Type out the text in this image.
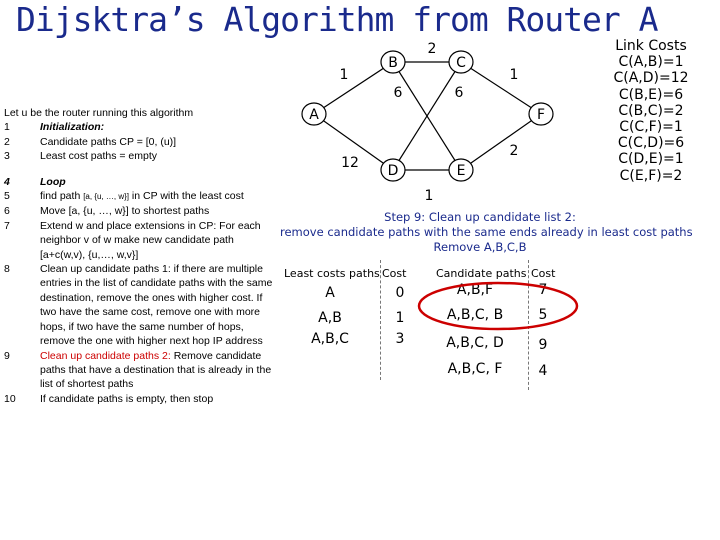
Dijsktra’s Algorithm from Router A
Link Costs
C(A,B)=1
C(A,D)=12
C(B,E)=6
C(B,C)=2
C(C,F)=1
C(C,D)=6
C(D,E)=1
C(E,F)=2
Let u be the router running this algorithm
1	Initialization:
2	Candidate paths CP = [0, (u)]
3	Least cost paths = empty
4	Loop
5	find path [a, {u, …, w}] in CP with the least cost
6	Move [a, {u, …, w}] to shortest paths
7	Extend w and place extensions in CP: For each neighbor v of w make new candidate path [a+c(w,v), {u,…, w,v}]
8	Clean up candidate paths 1: if there are multiple entries in the list of candidate paths with the same destination, remove the ones with higher cost. If two have the same cost, remove one with more hops, if two have the same number of hops, remove the one with higher next hop IP address
9	Clean up candidate paths 2: Remove candidate paths that have a destination that is already in the list of shortest paths
10	If candidate paths is empty, then stop
A
B	C
D	E
F
1
2
1
6	6
12
2
1
Step 9: Clean up candidate list 2:
remove candidate paths with the same ends already in least cost paths
Remove A,B,C,B
Least costs paths Cost	Candidate paths Cost
A	0
A,B	1
A,B,C	3
A,B,F	7
A,B,C, B	5
A,B,C, D	9
A,B,C, F	4
